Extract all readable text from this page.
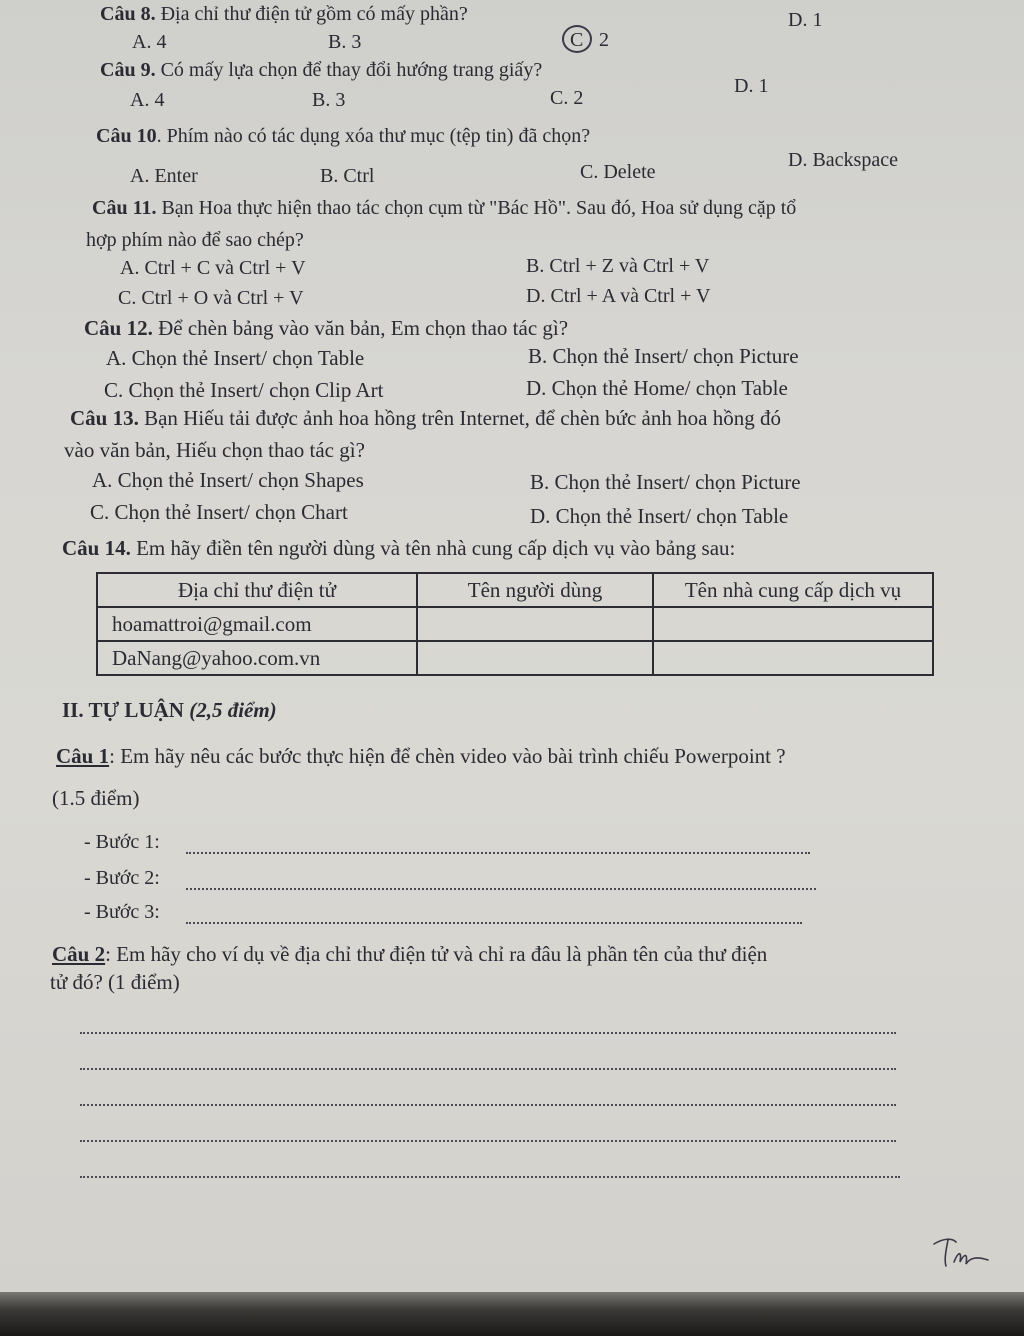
Câu 8. Địa chỉ thư điện tử gồm có mấy phần?
A. 4	B. 3	C 2
D. 1
Câu 9. Có mấy lựa chọn để thay đổi hướng trang giấy?
A. 4	B. 3	C. 2
D. 1
Câu 10. Phím nào có tác dụng xóa thư mục (tệp tin) đã chọn?
A. Enter	B. Ctrl	C. Delete
D. Backspace
Câu 11. Bạn Hoa thực hiện thao tác chọn cụm từ "Bác Hồ". Sau đó, Hoa sử dụng cặp tổ
hợp phím nào để sao chép?
A. Ctrl + C và Ctrl + V	B. Ctrl + Z và Ctrl + V
C. Ctrl + O và Ctrl + V	D. Ctrl + A và Ctrl + V
Câu 12. Để chèn bảng vào văn bản, Em chọn thao tác gì?
A. Chọn thẻ Insert/ chọn Table	B. Chọn thẻ Insert/ chọn Picture
C. Chọn thẻ Insert/ chọn Clip Art	D. Chọn thẻ Home/ chọn Table
Câu 13. Bạn Hiếu tải được ảnh hoa hồng trên Internet, để chèn bức ảnh hoa hồng đó
vào văn bản, Hiếu chọn thao tác gì?
A. Chọn thẻ Insert/ chọn Shapes	B. Chọn thẻ Insert/ chọn Picture
C. Chọn thẻ Insert/ chọn Chart	D. Chọn thẻ Insert/ chọn Table
Câu 14. Em hãy điền tên người dùng và tên nhà cung cấp dịch vụ vào bảng sau:
Địa chỉ thư điện tử	Tên người dùng	Tên nhà cung cấp dịch vụ
hoamattroi@gmail.com		
DaNang@yahoo.com.vn		
II. TỰ LUẬN (2,5 điểm)
Câu 1: Em hãy nêu các bước thực hiện để chèn video vào bài trình chiếu Powerpoint ?
(1.5 điểm)
- Bước 1:
- Bước 2:
- Bước 3:
Câu 2: Em hãy cho ví dụ về địa chỉ thư điện tử và chỉ ra đâu là phần tên của thư điện
tử đó? (1 điểm)
